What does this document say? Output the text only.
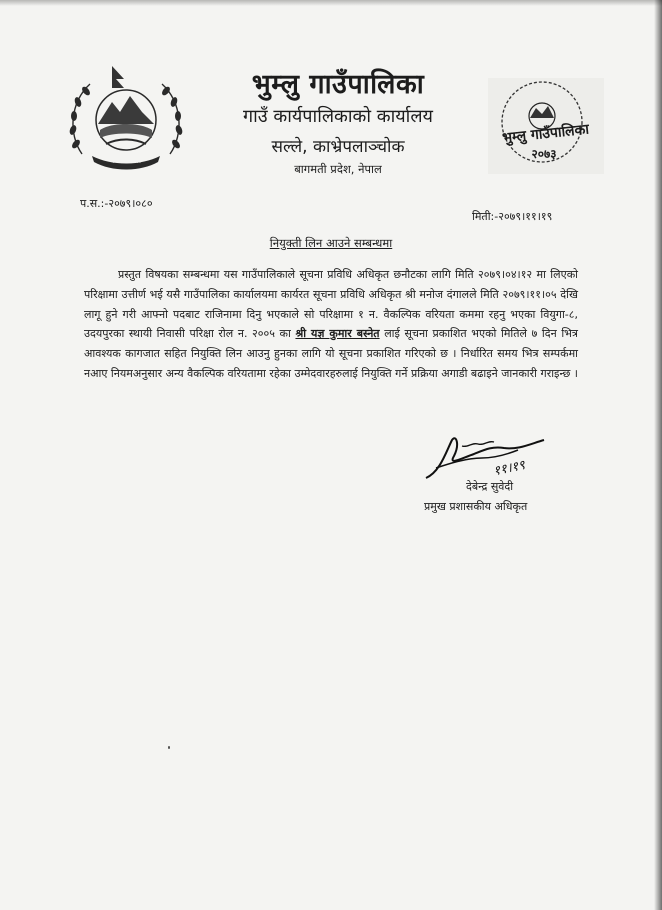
नेपाल सरकार
भुम्लु गाउँपालिका
गाउँ कार्यपालिकाको कार्यालय
सल्ले, काभ्रेपलाञ्चोक
बागमती प्रदेश, नेपाल
भुम्लु गाउँपालिका
२०७३
प.स.:-२०७९।०८०
मिती:-२०७९।११।१९
नियुक्ती लिन आउने सम्बन्धमा
प्रस्तुत विषयका सम्बन्धमा यस गाउँपालिकाले सूचना प्रविधि अधिकृत छनौटका लागि मिति २०७९।०४।१२ मा लिएको परिक्षामा उत्तीर्ण भई यसै गाउँपालिका कार्यालयमा कार्यरत सूचना प्रविधि अधिकृत श्री मनोज दंगालले मिति २०७९।११।०५ देखि लागू हुने गरी आफ्नो पदबाट राजिनामा दिनु भएकाले सो परिक्षामा १ न. वैकल्पिक वरियता कममा रहनु भएका वियुगा-८, उदयपुरका स्थायी निवासी परिक्षा रोल न. २००५ का श्री यज्ञ कुमार बस्नेत लाई सूचना प्रकाशित भएको मितिले ७ दिन भित्र आवश्यक कागजात सहित नियुक्ति लिन आउनु हुनका लागि यो सूचना प्रकाशित गरिएको छ । निर्धारित समय भित्र सम्पर्कमा नआए नियमअनुसार अन्य वैकल्पिक वरियतामा रहेका उम्मेदवारहरुलाई नियुक्ति गर्ने प्रक्रिया अगाडी बढाइने जानकारी गराइन्छ ।
११।१९
देबेन्द्र सुवेदी
प्रमुख प्रशासकीय अधिकृत
